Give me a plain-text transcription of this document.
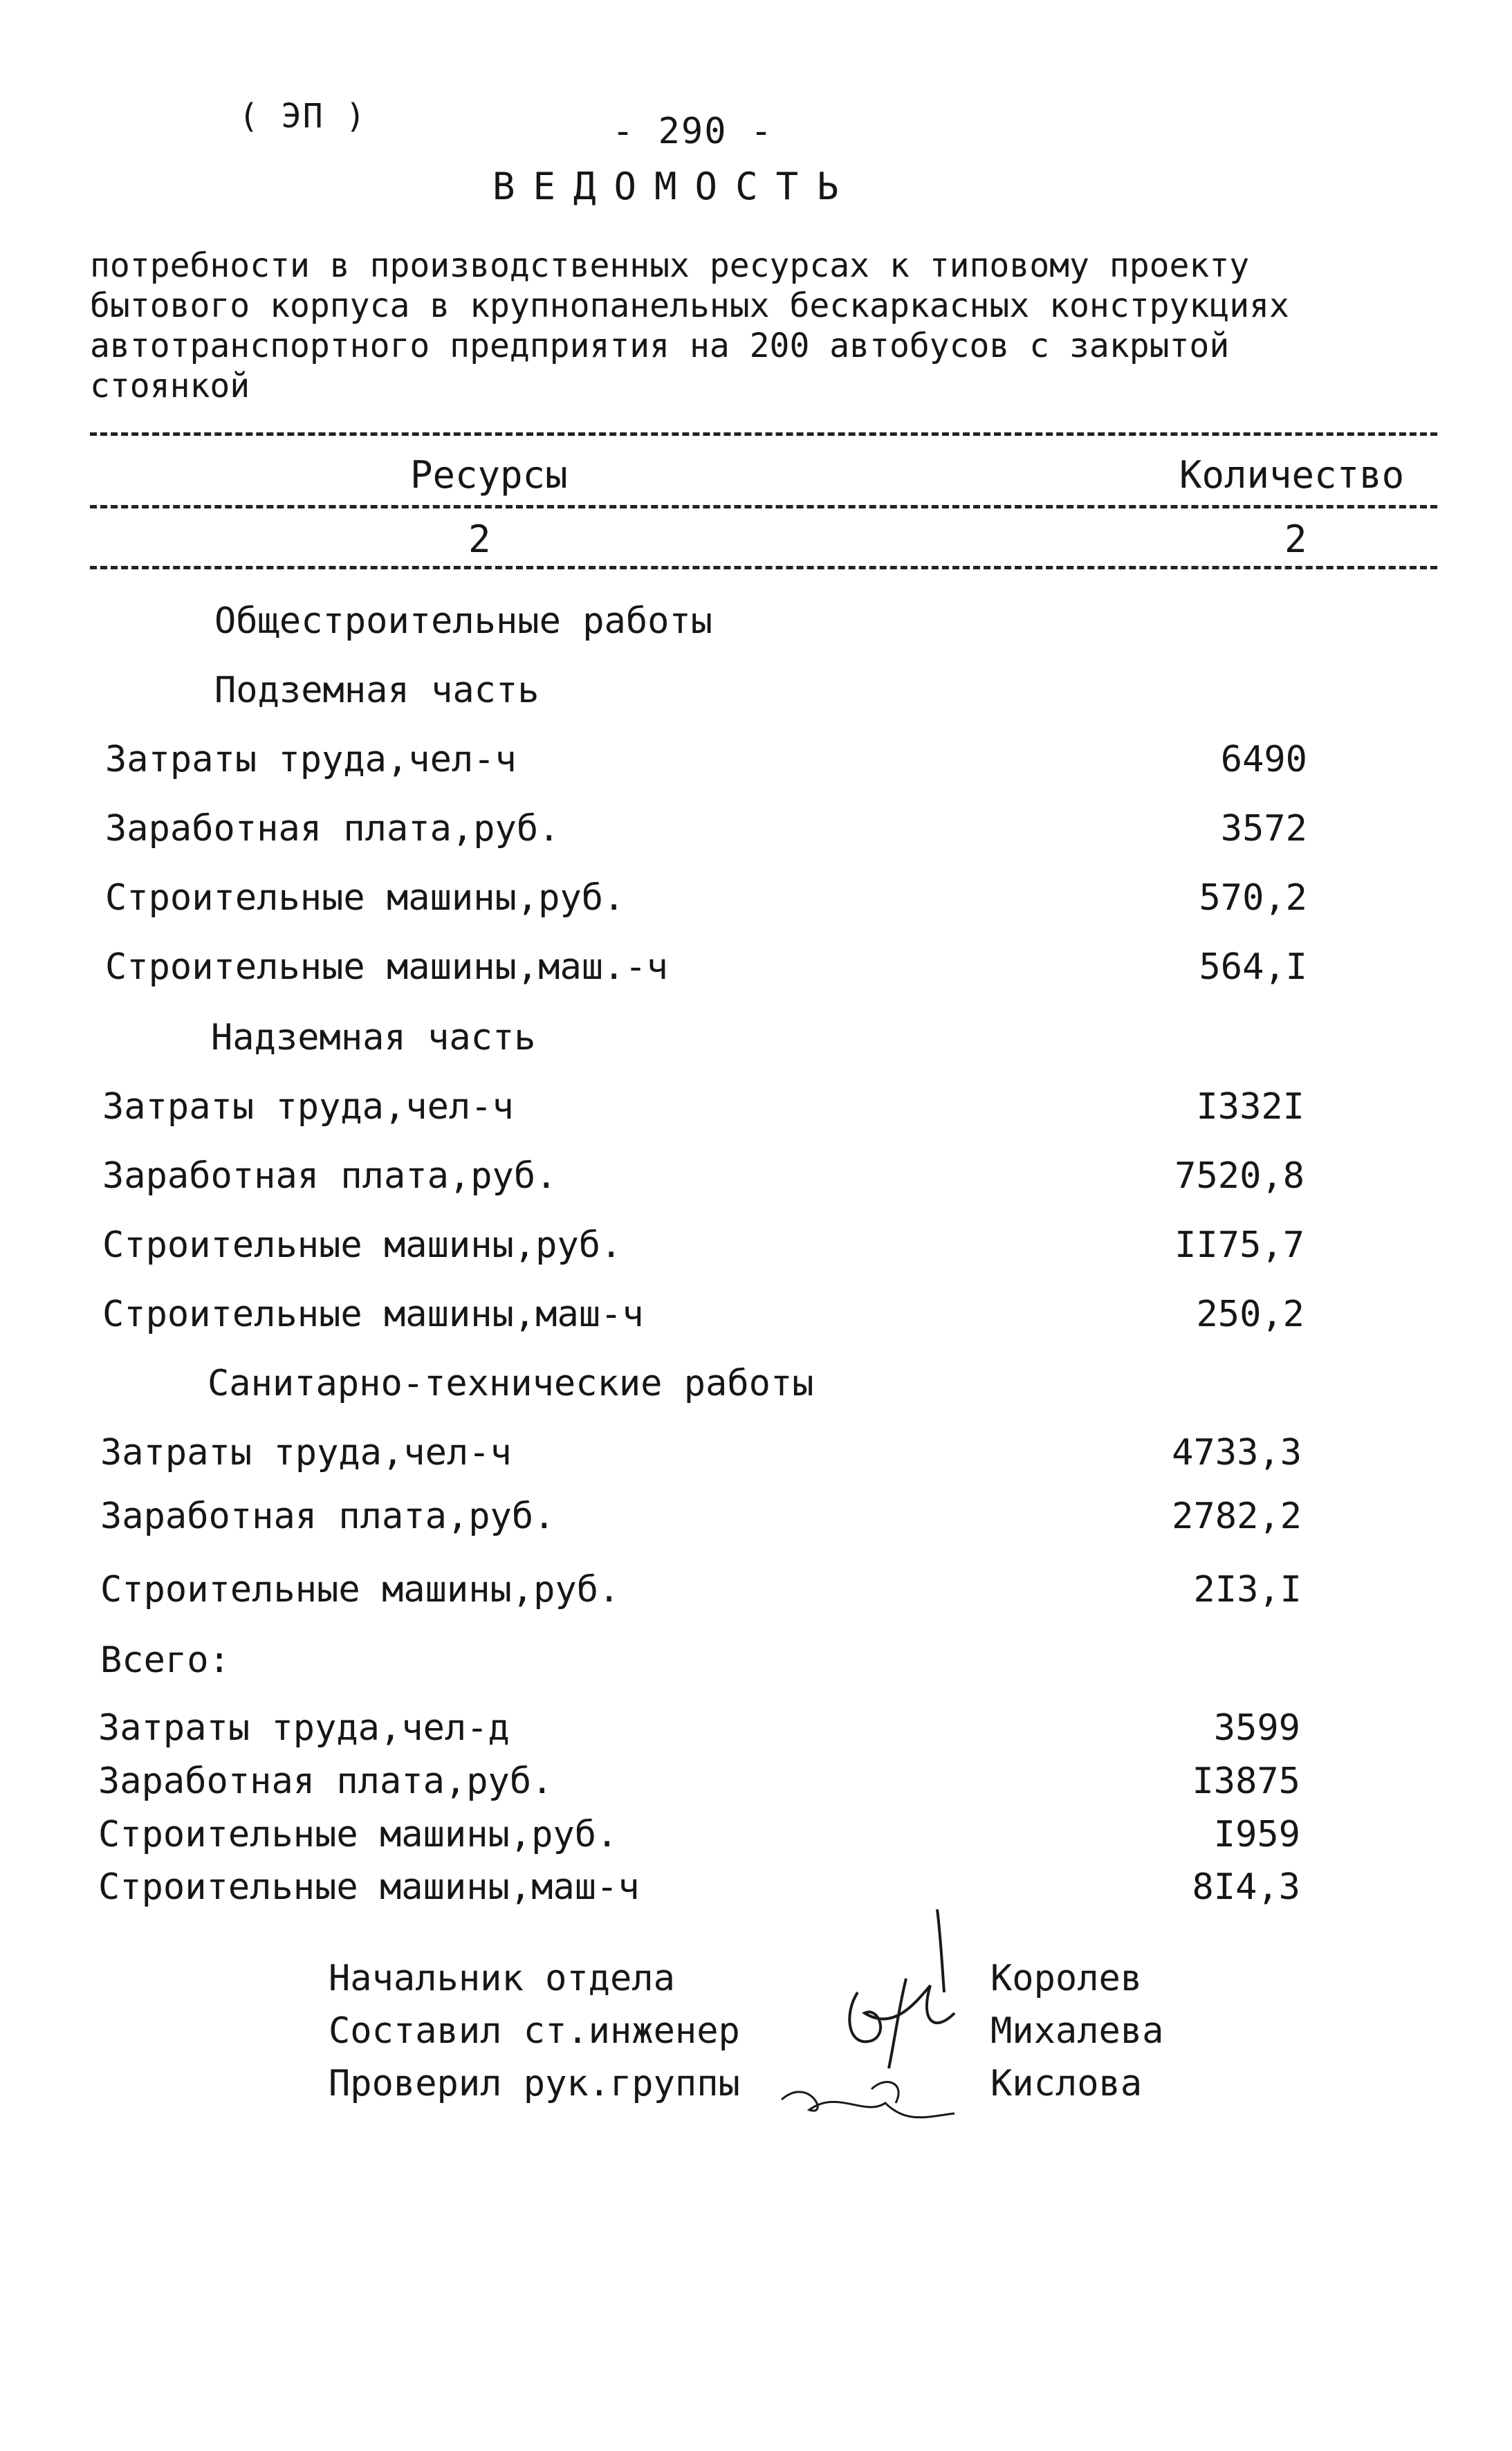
( ЭП )	- 290 -
ВЕДОМОСТЬ
потребности в производственных ресурсах к типовому проекту бытового корпуса в крупнопанельных бескаркасных конструкциях автотранспортного предприятия на 200 автобусов с закрытой стоянкой
Ресурсы	Количество
2	2
Общестроительные работы
Подземная часть
Затраты труда,чел-ч	6490
Заработная плата,руб.	3572
Строительные машины,руб.	570,2
Строительные машины,маш.-ч	564,I
Надземная часть
Затраты труда,чел-ч	I332I
Заработная плата,руб.	7520,8
Строительные машины,руб.	II75,7
Строительные машины,маш-ч	250,2
Санитарно-технические работы
Затраты труда,чел-ч	4733,3
Заработная плата,руб.	2782,2
Строительные машины,руб.	2I3,I
Всего:
Затраты труда,чел-д	3599
Заработная плата,руб.	I3875
Строительные машины,руб.	I959
Строительные машины,маш-ч	8I4,3
Начальник отдела	Королев
Составил ст.инженер	Михалева
Проверил рук.группы	Кислова
